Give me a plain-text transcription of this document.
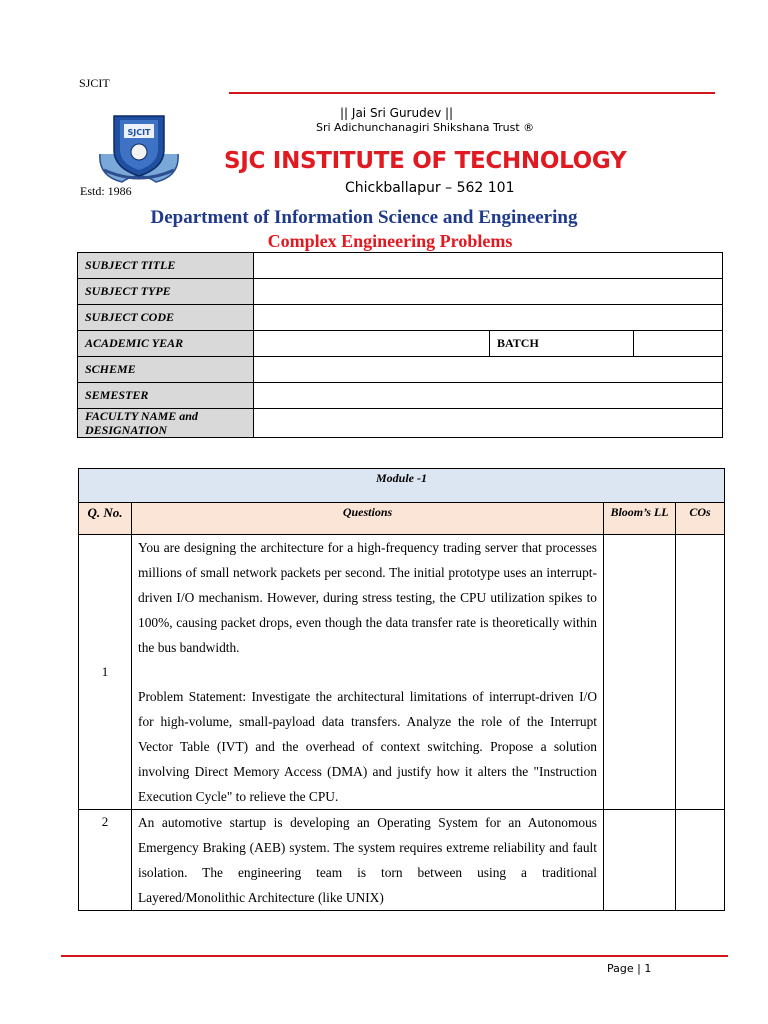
SJCIT
SJCIT
Estd: 1986
|| Jai Sri Gurudev ||
Sri Adichunchanagiri Shikshana Trust ®
SJC INSTITUTE OF TECHNOLOGY
Chickballapur – 562 101
Department of Information Science and Engineering
Complex Engineering Problems
SUBJECT TITLE			
SUBJECT TYPE			
SUBJECT CODE			
ACADEMIC YEAR		BATCH	
SCHEME			
SEMESTER			
FACULTY NAME and DESIGNATION			
Module -1			
Q. No.	Questions	Bloom’s LL	COs
1	You are designing the architecture for a high-frequency trading server that processes millions of small network packets per second. The initial prototype uses an interrupt-driven I/O mechanism. However, during stress testing, the CPU utilization spikes to 100%, causing packet drops, even though the data transfer rate is theoretically within the bus bandwidth.
Problem Statement: Investigate the architectural limitations of interrupt-driven I/O for high-volume, small-payload data transfers. Analyze the role of the Interrupt Vector Table (IVT) and the overhead of context switching. Propose a solution involving Direct Memory Access (DMA) and justify how it alters the "Instruction Execution Cycle" to relieve the CPU.		

2	An automotive startup is developing an Operating System for an Autonomous Emergency Braking (AEB) system. The system requires extreme reliability and fault isolation. The engineering team is torn between using a traditional Layered/Monolithic Architecture (like UNIX)		

Page | 1
